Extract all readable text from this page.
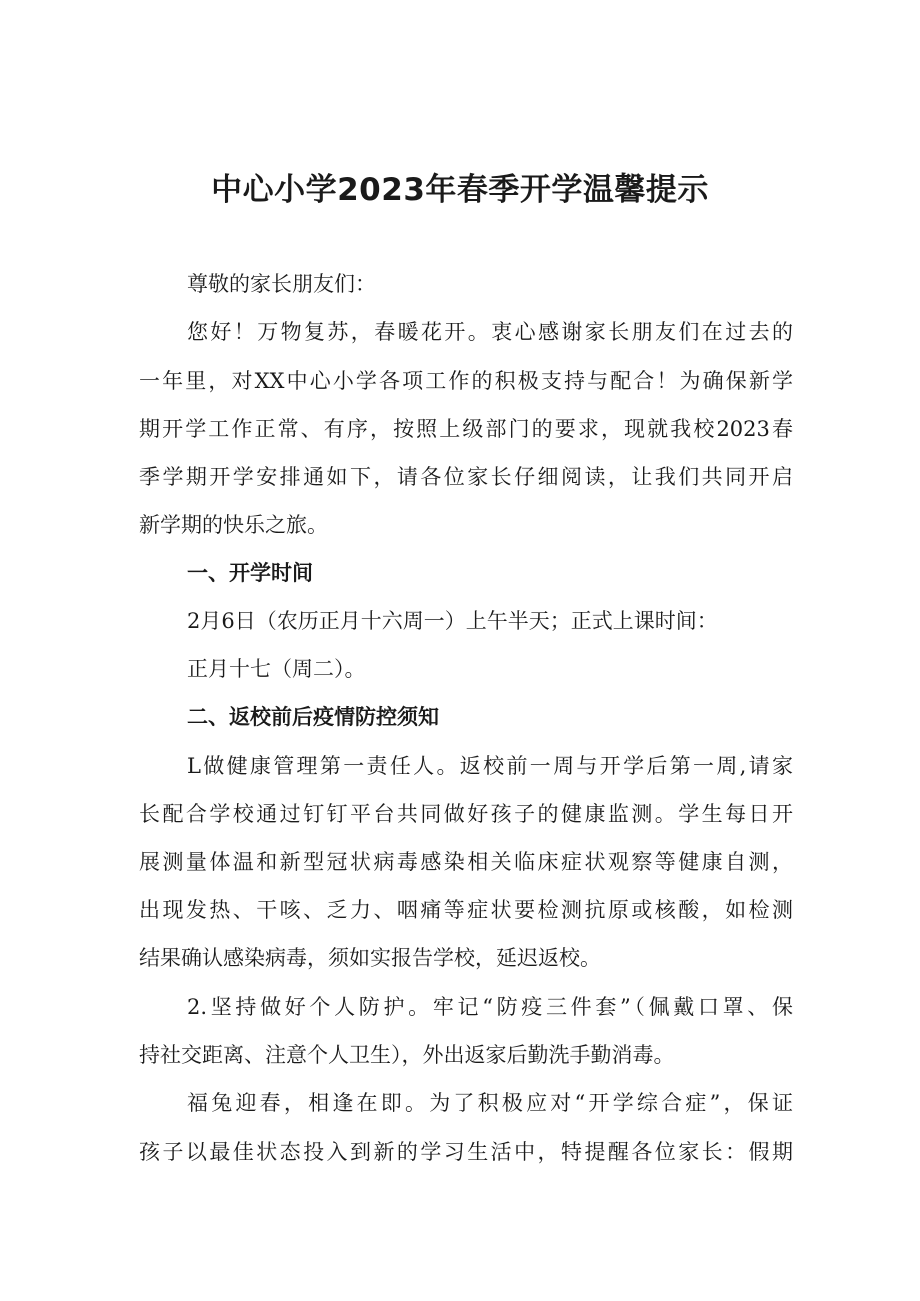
中心小学2023年春季开学温馨提示
尊敬的家长朋友们：
您好！万物复苏，春暖花开。衷心感谢家长朋友们在过去的
一年里，对XX中心小学各项工作的积极支持与配合！为确保新学
期开学工作正常、有序，按照上级部门的要求，现就我校2023春
季学期开学安排通如下，请各位家长仔细阅读，让我们共同开启
新学期的快乐之旅。
一、开学时间
2月6日（农历正月十六周一）上午半天；正式上课时间：
正月十七（周二）。
二、返校前后疫情防控须知
L做健康管理第一责任人。返校前一周与开学后第一周,请家
长配合学校通过钉钉平台共同做好孩子的健康监测。学生每日开
展测量体温和新型冠状病毒感染相关临床症状观察等健康自测，
出现发热、干咳、乏力、咽痛等症状要检测抗原或核酸，如检测
结果确认感染病毒，须如实报告学校，延迟返校。
2.坚持做好个人防护。牢记“防疫三件套”（佩戴口罩、保
持社交距离、注意个人卫生），外出返家后勤洗手勤消毒。
福兔迎春，相逢在即。为了积极应对“开学综合症”，保证
孩子以最佳状态投入到新的学习生活中，特提醒各位家长：假期
